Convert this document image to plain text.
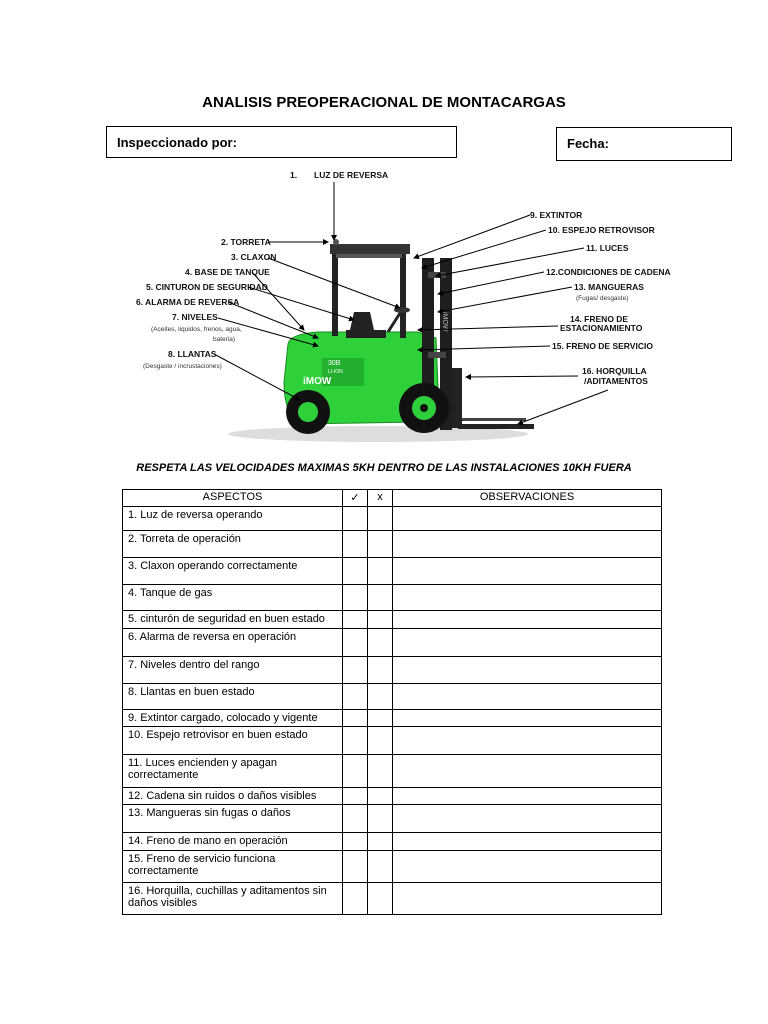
ANALISIS PREOPERACIONAL DE MONTACARGAS
Inspeccionado por:	Fecha:
30B
LI-ION
iMOW
iMOW
1. LUZ DE REVERSA
2. TORRETA
3. CLAXON
4. BASE DE TANQUE
5. CINTURON DE SEGURIDAD
6. ALARMA DE REVERSA
7. NIVELES
(Aceites, liquidos, frenos, agua,
bateria)
8. LLANTAS
(Desgaste / incrustaciones)
9. EXTINTOR
10. ESPEJO RETROVISOR
11. LUCES
12.CONDICIONES DE CADENA
13. MANGUERAS
(Fugas/ desgaste)
14. FRENO DE
ESTACIONAMIENTO
15. FRENO DE SERVICIO
16. HORQUILLA
/ADITAMENTOS
RESPETA LAS VELOCIDADES MAXIMAS 5KH DENTRO DE LAS INSTALACIONES 10KH FUERA
ASPECTOS	✓	x	OBSERVACIONES
1. Luz de reversa operando			
2. Torreta de operación			
3. Claxon operando correctamente			
4. Tanque de gas			
5. cinturón de seguridad en buen estado			
6. Alarma de reversa en operación			
7. Niveles dentro del rango			
8. Llantas en buen estado			
9. Extintor cargado, colocado y vigente			
10. Espejo retrovisor en buen estado			
11. Luces encienden y apagan correctamente			
12. Cadena sin ruidos o daños visibles			
13. Mangueras sin fugas o daños			
14. Freno de mano en operación			
15. Freno de servicio funciona correctamente			
16. Horquilla, cuchillas y aditamentos sin daños visibles			
